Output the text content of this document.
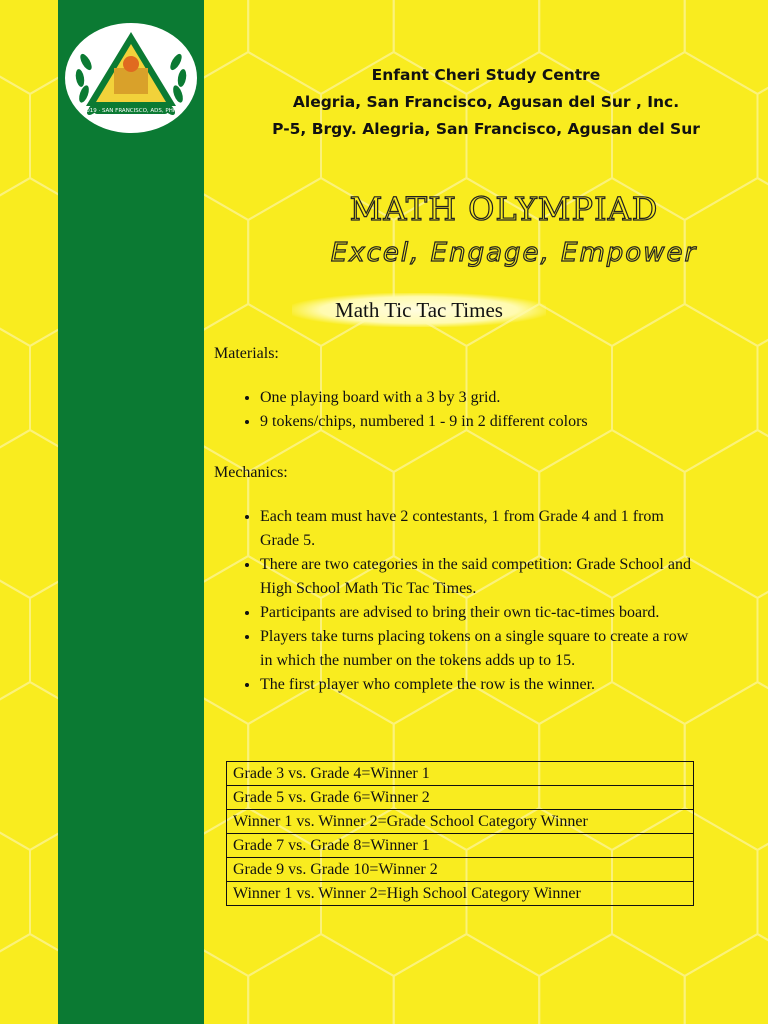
2019 · SAN FRANCISCO, ADS, PHIL.
Enfant Cheri Study Centre
Alegria, San Francisco, Agusan del Sur , Inc.
P-5, Brgy. Alegria, San Francisco, Agusan del Sur
MATH OLYMPIAD
Excel, Engage, Empower
Math Tic Tac Times
Materials:
• One playing board with a 3 by 3 grid.
• 9 tokens/chips, numbered 1 - 9 in 2 different colors
Mechanics:
• Each team must have 2 contestants, 1 from Grade 4 and 1 from Grade 5.
• There are two categories in the said competition: Grade School and High School Math Tic Tac Times.
• Participants are advised to bring their own tic-tac-times board.
• Players take turns placing tokens on a single square to create a row in which the number on the tokens adds up to 15.
• The first player who complete the row is the winner.
Grade 3 vs. Grade 4=Winner 1
Grade 5 vs. Grade 6=Winner 2
Winner 1 vs. Winner 2=Grade School Category Winner
Grade 7 vs. Grade 8=Winner 1
Grade 9 vs. Grade 10=Winner 2
Winner 1 vs. Winner 2=High School Category Winner
